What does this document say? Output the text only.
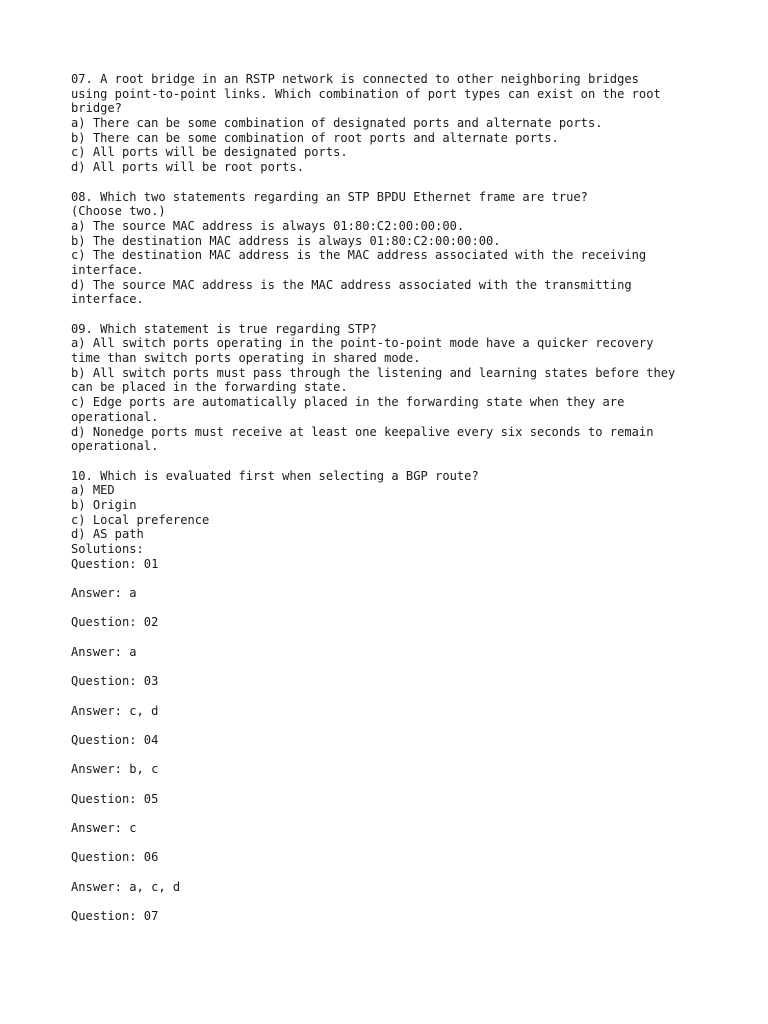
07. A root bridge in an RSTP network is connected to other neighboring bridges
using point-to-point links. Which combination of port types can exist on the root
bridge?
a) There can be some combination of designated ports and alternate ports.
b) There can be some combination of root ports and alternate ports.
c) All ports will be designated ports.
d) All ports will be root ports.
08. Which two statements regarding an STP BPDU Ethernet frame are true?
(Choose two.)
a) The source MAC address is always 01:80:C2:00:00:00.
b) The destination MAC address is always 01:80:C2:00:00:00.
c) The destination MAC address is the MAC address associated with the receiving
interface.
d) The source MAC address is the MAC address associated with the transmitting
interface.
09. Which statement is true regarding STP?
a) All switch ports operating in the point-to-point mode have a quicker recovery
time than switch ports operating in shared mode.
b) All switch ports must pass through the listening and learning states before they
can be placed in the forwarding state.
c) Edge ports are automatically placed in the forwarding state when they are
operational.
d) Nonedge ports must receive at least one keepalive every six seconds to remain
operational.
10. Which is evaluated first when selecting a BGP route?
a) MED
b) Origin
c) Local preference
d) AS path
Solutions:
Question: 01
Answer: a
Question: 02
Answer: a
Question: 03
Answer: c, d
Question: 04
Answer: b, c
Question: 05
Answer: c
Question: 06
Answer: a, c, d
Question: 07
